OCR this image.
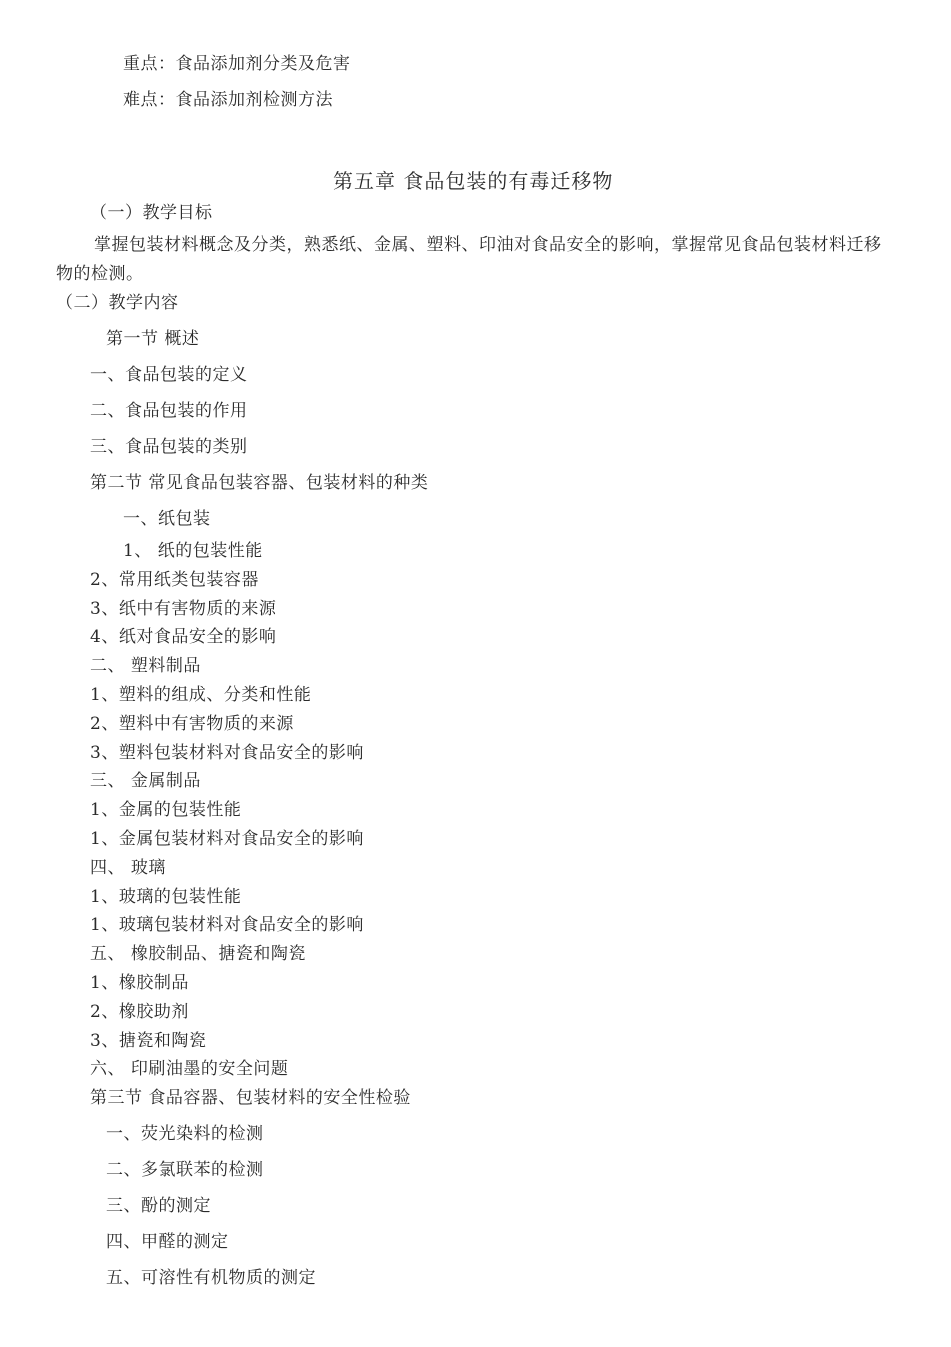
重点：食品添加剂分类及危害
难点：食品添加剂检测方法
第五章 食品包装的有毒迁移物
（一）教学目标
掌握包装材料概念及分类，熟悉纸、金属、塑料、印油对食品安全的影响，掌握常见食品包装材料迁移物的检测。
（二）教学内容
第一节 概述
一、食品包装的定义
二、食品包装的作用
三、食品包装的类别
第二节 常见食品包装容器、包装材料的种类
一、纸包装
1、 纸的包装性能
2、常用纸类包装容器
3、纸中有害物质的来源
4、纸对食品安全的影响
二、 塑料制品
1、塑料的组成、分类和性能
2、塑料中有害物质的来源
3、塑料包装材料对食品安全的影响
三、 金属制品
1、金属的包装性能
1、金属包装材料对食品安全的影响
四、 玻璃
1、玻璃的包装性能
1、玻璃包装材料对食品安全的影响
五、 橡胶制品、搪瓷和陶瓷
1、橡胶制品
2、橡胶助剂
3、搪瓷和陶瓷
六、 印刷油墨的安全问题
第三节 食品容器、包装材料的安全性检验
一、荧光染料的检测
二、多氯联苯的检测
三、酚的测定
四、甲醛的测定
五、可溶性有机物质的测定
